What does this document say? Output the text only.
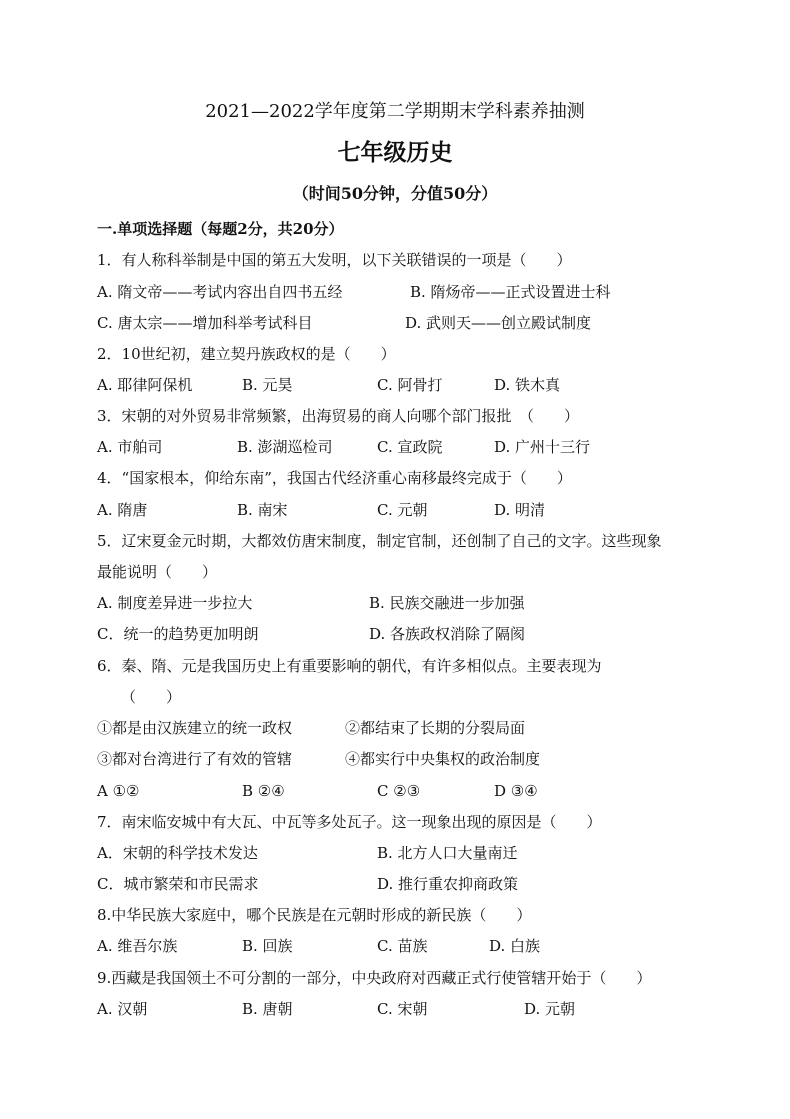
2021—2022学年度第二学期期末学科素养抽测
七年级历史
（时间50分钟，分值50分）
一.单项选择题（每题2分，共20分）
1．有人称科举制是中国的第五大发明，以下关联错误的一项是（　　）
A. 隋文帝——考试内容出自四书五经	B. 隋炀帝——正式设置进士科
C. 唐太宗——增加科举考试科目	D. 武则天——创立殿试制度
2．10世纪初，建立契丹族政权的是（　　）
A. 耶律阿保机	B. 元昊	C. 阿骨打	D. 铁木真
3．宋朝的对外贸易非常频繁，出海贸易的商人向哪个部门报批　（　　）
A. 市舶司	B. 澎湖巡检司	C. 宣政院	D. 广州十三行
4．“国家根本，仰给东南”，我国古代经济重心南移最终完成于（　　）
A. 隋唐	B. 南宋	C. 元朝	D. 明清
5．辽宋夏金元时期，大都效仿唐宋制度，制定官制，还创制了自己的文字。这些现象
最能说明（　　）
A. 制度差异进一步拉大	B. 民族交融进一步加强
C．统一的趋势更加明朗	D. 各族政权消除了隔阂
6．秦、隋、元是我国历史上有重要影响的朝代，有许多相似点。主要表现为
（　　）
①都是由汉族建立的统一政权	②都结束了长期的分裂局面
③都对台湾进行了有效的管辖	④都实行中央集权的政治制度
A ①②	B ②④	C ②③	D ③④
7．南宋临安城中有大瓦、中瓦等多处瓦子。这一现象出现的原因是（　　）
A．宋朝的科学技术发达	B. 北方人口大量南迁
C．城市繁荣和市民需求	D. 推行重农抑商政策
8.中华民族大家庭中，哪个民族是在元朝时形成的新民族（　　）
A. 维吾尔族	B. 回族	C. 苗族	D. 白族
9.西藏是我国领土不可分割的一部分，中央政府对西藏正式行使管辖开始于（　　）
A. 汉朝	B. 唐朝	C. 宋朝	D. 元朝
